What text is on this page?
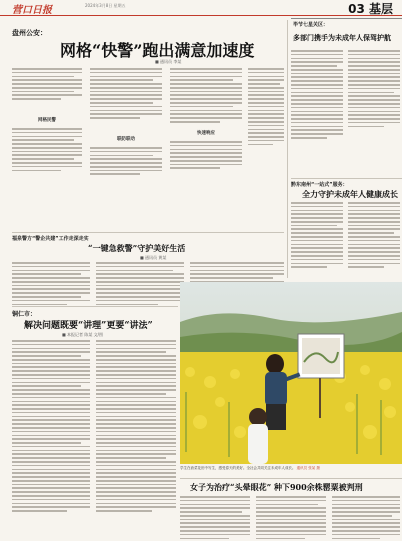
营口日报	2024年3月8日 星期五	03 基层
盘州公安：
网格“快警”跑出满意加速度
■ 通讯员 李某
网格民警
联防联动
快速响应
毕节七星关区：
多部门携手为未成年人保驾护航
黔东南州“一站式”服务：
全力守护未成年人健康成长
福泉警方“警企共建”工作走深走实
“一键急救警”守护美好生活
■ 通讯员 黄某
铜仁市：
解决问题既要“讲理”更要“讲法”
■ 本报记者 陈某 文/图
学生在油菜花田中写生，感受春天的美好。全社会共同关注未成年人成长。 通讯员 张某 摄
女子为治疗“头晕眼花” 种下900余株罂粟被判刑
